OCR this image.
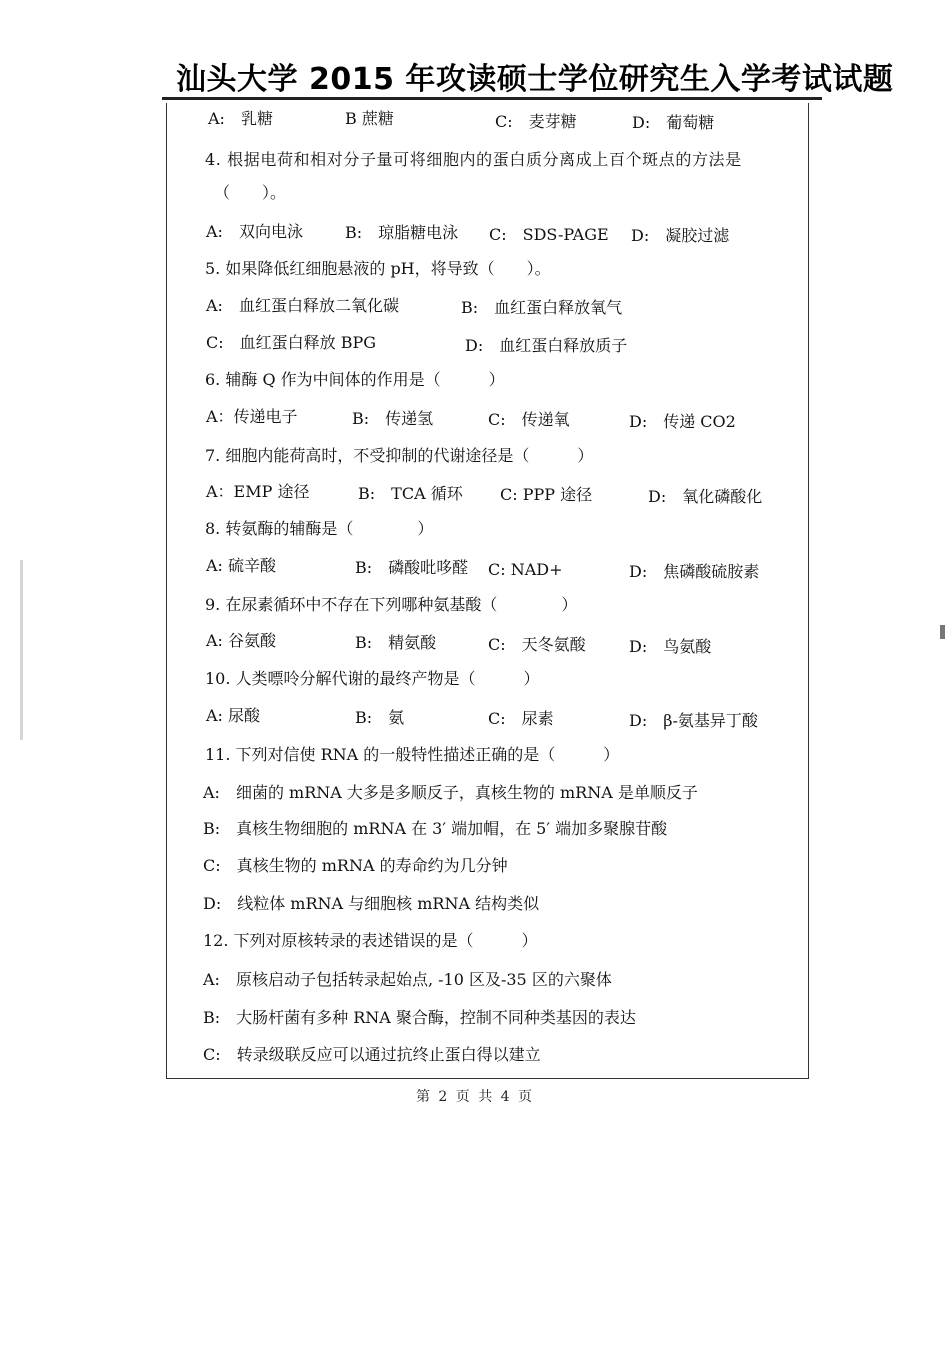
汕头大学 2015 年攻读硕士学位研究生入学考试试题
A:　乳糖	B 蔗糖	C:　麦芽糖	D:　葡萄糖
4. 根据电荷和相对分子量可将细胞内的蛋白质分离成上百个斑点的方法是
（　　）。
A:　双向电泳	B:　琼脂糖电泳 C:　SDS-PAGE D:　凝胶过滤
5. 如果降低红细胞悬液的 pH，将导致（　　）。
A:　血红蛋白释放二氧化碳	B:　血红蛋白释放氧气
C:　血红蛋白释放 BPG	D:　血红蛋白释放质子
6. 辅酶 Q 作为中间体的作用是（　　　）
A：传递电子	B:　传递氢	C:　传递氧	D:　传递 CO2
7. 细胞内能荷高时，不受抑制的代谢途径是（　　　）
A：EMP 途径	B:　TCA 循环 C: PPP 途径	D:　氧化磷酸化
8. 转氨酶的辅酶是（　　　　）
A: 硫辛酸	B:　磷酸吡哆醛 C: NAD+	D:　焦磷酸硫胺素
9. 在尿素循环中不存在下列哪种氨基酸（　　　　）
A: 谷氨酸	B:　精氨酸	C:　天冬氨酸	D:　鸟氨酸
10. 人类嘌呤分解代谢的最终产物是（　　　）
A: 尿酸	B:　氨	C:　尿素	D:　β-氨基异丁酸
11. 下列对信使 RNA 的一般特性描述正确的是（　　　）
A:　细菌的 mRNA 大多是多顺反子，真核生物的 mRNA 是单顺反子
B:　真核生物细胞的 mRNA 在 3′ 端加帽，在 5′ 端加多聚腺苷酸
C:　真核生物的 mRNA 的寿命约为几分钟
D:　线粒体 mRNA 与细胞核 mRNA 结构类似
12. 下列对原核转录的表述错误的是（　　　）
A:　原核启动子包括转录起始点, -10 区及-35 区的六聚体
B:　大肠杆菌有多种 RNA 聚合酶，控制不同种类基因的表达
C:　转录级联反应可以通过抗终止蛋白得以建立
第 2 页 共 4 页
